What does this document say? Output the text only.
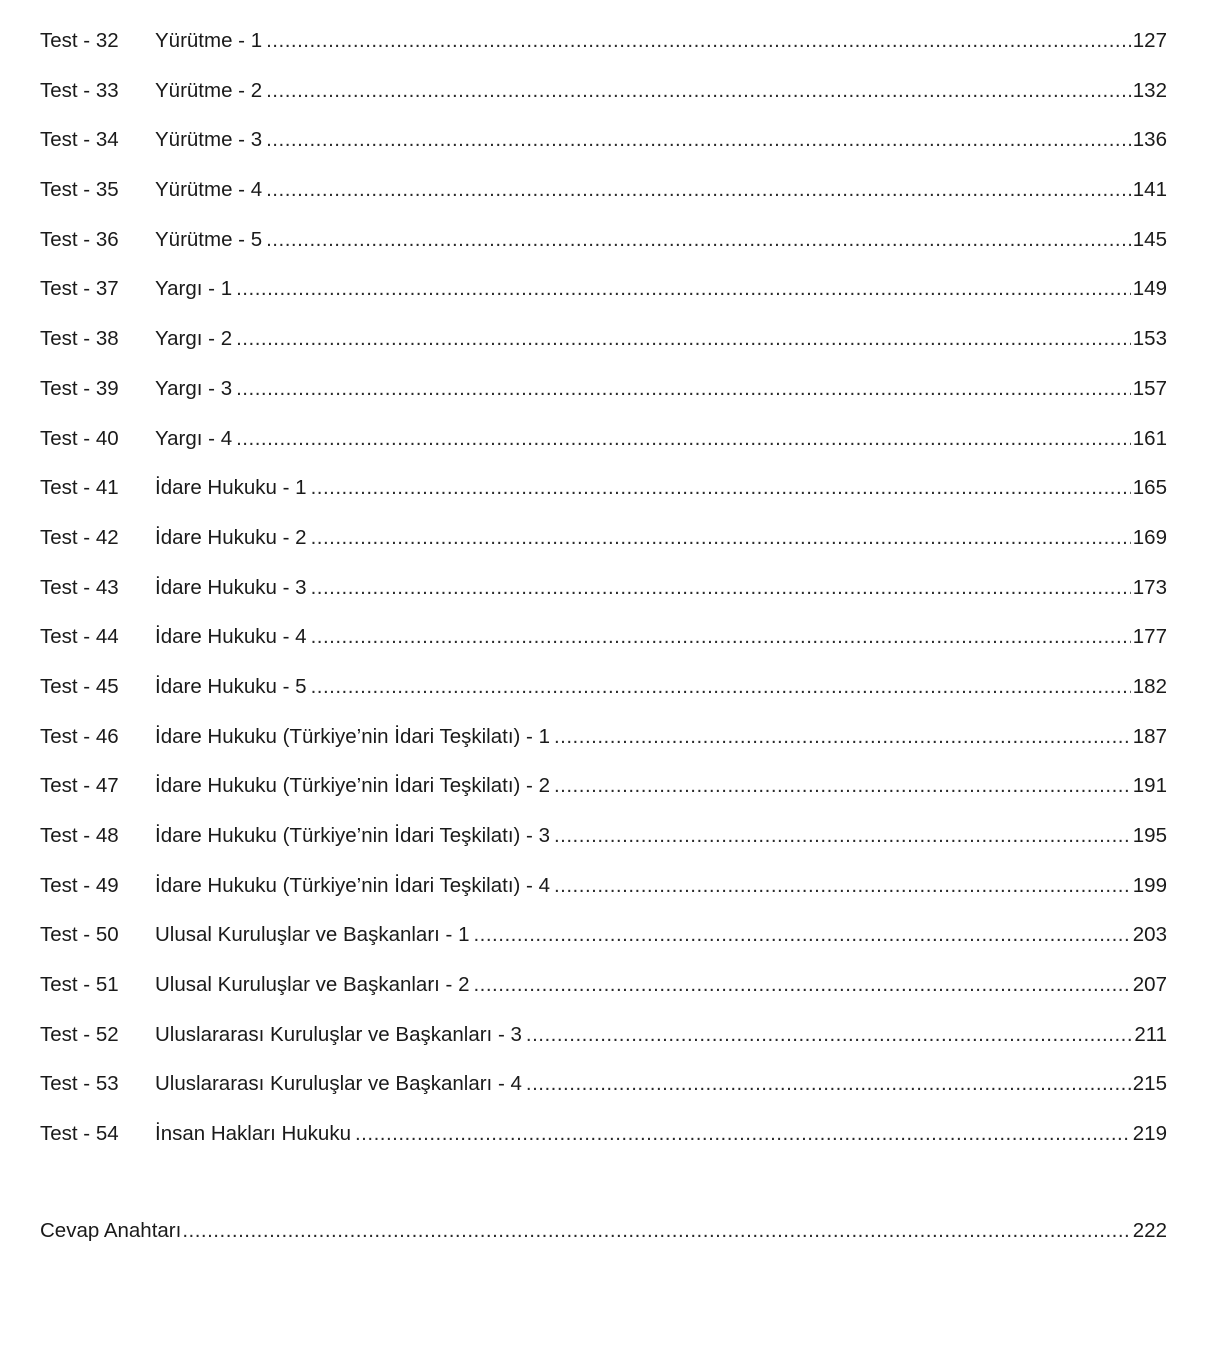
Test - 32	Yürütme - 1 .....	127
Test - 33	Yürütme - 2 .....	132
Test - 34	Yürütme - 3 .....	136
Test - 35	Yürütme - 4 .....	141
Test - 36	Yürütme - 5 .....	145
Test - 37	Yargı - 1 .....	149
Test - 38	Yargı - 2 .....	153
Test - 39	Yargı - 3 .....	157
Test - 40	Yargı - 4 .....	161
Test - 41	İdare Hukuku - 1 .....	165
Test - 42	İdare Hukuku - 2 .....	169
Test - 43	İdare Hukuku - 3 .....	173
Test - 44	İdare Hukuku - 4 .....	177
Test - 45	İdare Hukuku - 5 .....	182
Test - 46	İdare Hukuku (Türkiye’nin İdari Teşkilatı) - 1 .....	187
Test - 47	İdare Hukuku (Türkiye’nin İdari Teşkilatı) - 2 .....	191
Test - 48	İdare Hukuku (Türkiye’nin İdari Teşkilatı) - 3 .....	195
Test - 49	İdare Hukuku (Türkiye’nin İdari Teşkilatı) - 4 .....	199
Test - 50	Ulusal Kuruluşlar ve Başkanları - 1 .....	203
Test - 51	Ulusal Kuruluşlar ve Başkanları - 2 .....	207
Test - 52	Uluslararası Kuruluşlar ve Başkanları - 3 .....	211
Test - 53	Uluslararası Kuruluşlar ve Başkanları - 4 .....	215
Test - 54	İnsan Hakları Hukuku .....	219
Cevap Anahtarı .....	222
